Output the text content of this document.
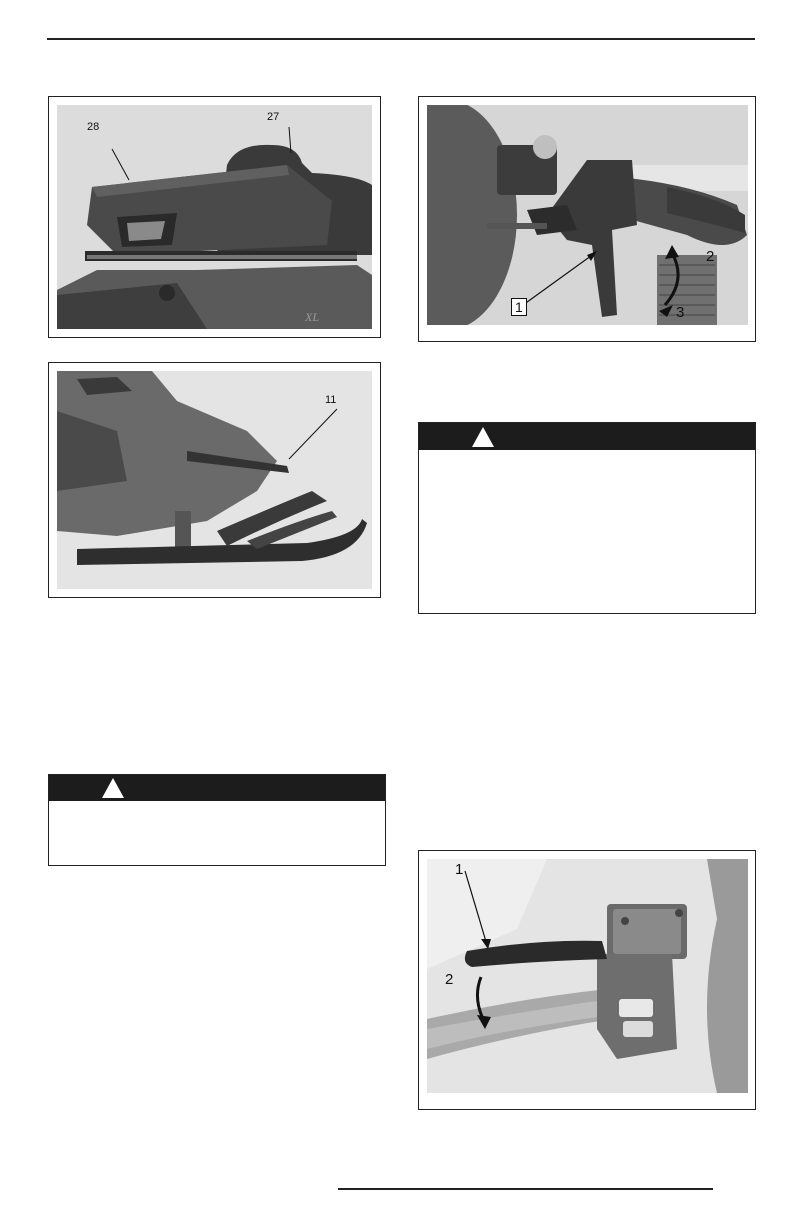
XL
28
27
11
1
2
3
1
2
